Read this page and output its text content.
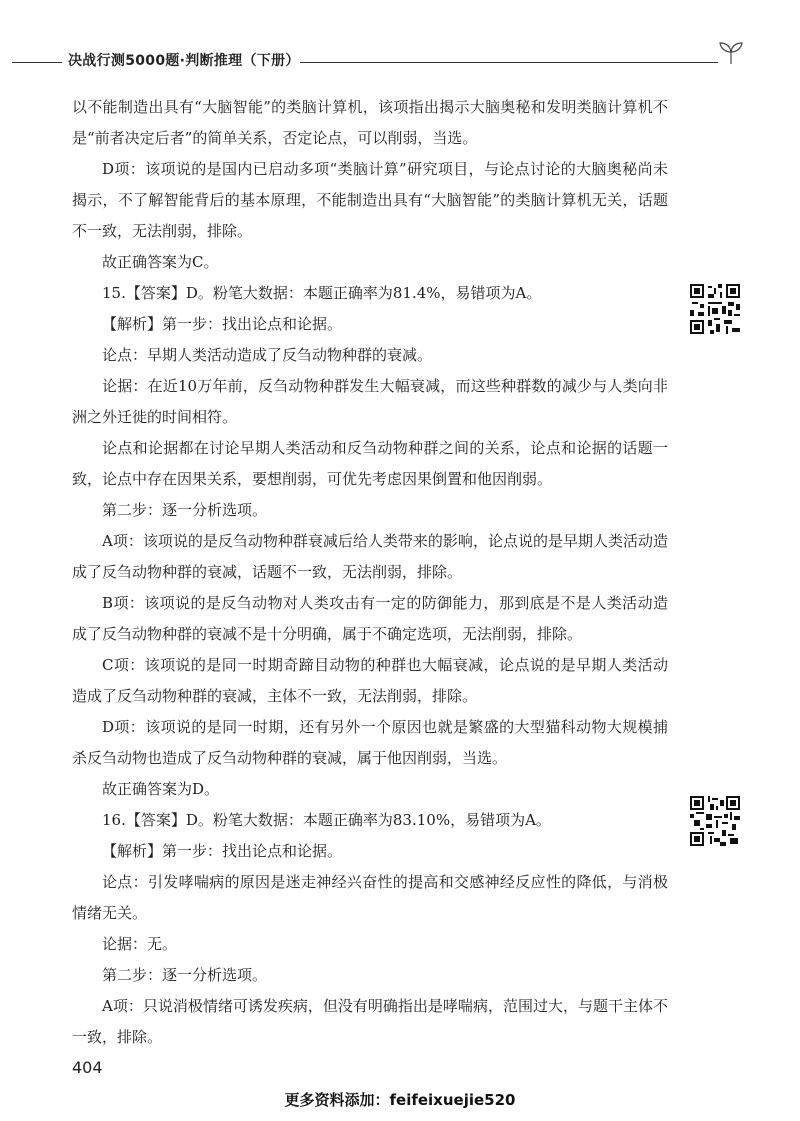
决战行测5000题·判断推理（下册）

以不能制造出具有“大脑智能”的类脑计算机，该项指出揭示大脑奥秘和发明类脑计算机不是“前者决定后者”的简单关系，否定论点，可以削弱，当选。

D项：该项说的是国内已启动多项“类脑计算”研究项目，与论点讨论的大脑奥秘尚未揭示，不了解智能背后的基本原理，不能制造出具有“大脑智能”的类脑计算机无关，话题不一致，无法削弱，排除。

故正确答案为C。

15.【答案】D。粉笔大数据：本题正确率为81.4%，易错项为A。

【解析】第一步：找出论点和论据。

论点：早期人类活动造成了反刍动物种群的衰减。

论据：在近10万年前，反刍动物种群发生大幅衰减，而这些种群数的减少与人类向非洲之外迁徙的时间相符。

论点和论据都在讨论早期人类活动和反刍动物种群之间的关系，论点和论据的话题一致，论点中存在因果关系，要想削弱，可优先考虑因果倒置和他因削弱。

第二步：逐一分析选项。

A项：该项说的是反刍动物种群衰减后给人类带来的影响，论点说的是早期人类活动造成了反刍动物种群的衰减，话题不一致，无法削弱，排除。

B项：该项说的是反刍动物对人类攻击有一定的防御能力，那到底是不是人类活动造成了反刍动物种群的衰减不是十分明确，属于不确定选项，无法削弱，排除。

C项：该项说的是同一时期奇蹄目动物的种群也大幅衰减，论点说的是早期人类活动造成了反刍动物种群的衰减，主体不一致，无法削弱，排除。

D项：该项说的是同一时期，还有另外一个原因也就是繁盛的大型猫科动物大规模捕杀反刍动物也造成了反刍动物种群的衰减，属于他因削弱，当选。

故正确答案为D。

16.【答案】D。粉笔大数据：本题正确率为83.10%，易错项为A。

【解析】第一步：找出论点和论据。

论点：引发哮喘病的原因是迷走神经兴奋性的提高和交感神经反应性的降低，与消极情绪无关。

论据：无。

第二步：逐一分析选项。

A项：只说消极情绪可诱发疾病，但没有明确指出是哮喘病，范围过大，与题干主体不一致，排除。

404
更多资料添加：feifeixuejie520
